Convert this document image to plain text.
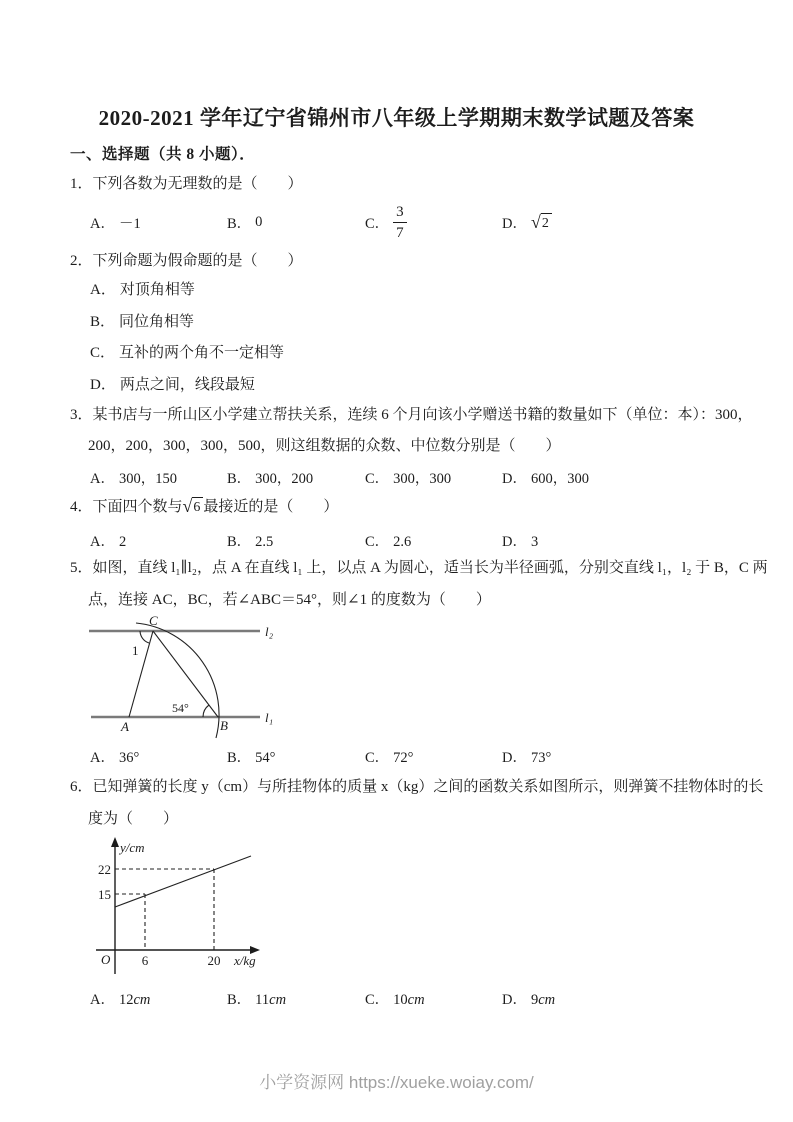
2020-2021 学年辽宁省锦州市八年级上学期期末数学试题及答案
一、选择题（共 8 小题）．
1．下列各数为无理数的是（　　）
A． －1	B． 0	C． $\frac{3}{7}$	D． √ 2
2．下列命题为假命题的是（　　）
A． 对顶角相等
B． 同位角相等
C． 互补的两个角不一定相等
D． 两点之间，线段最短
3．某书店与一所山区小学建立帮扶关系，连续 6 个月向该小学赠送书籍的数量如下（单位：本）：300，
200，200，300，300，500，则这组数据的众数、中位数分别是（　　）
A． 300，150	B． 300，200	C． 300，300	D． 600，300
4．下面四个数与 √ 6 最接近的是（　　）
A． 2	B． 2.5	C． 2.6	D． 3
5．如图，直线 l₁∥l₂，点 A 在直线 l₁ 上，以点 A 为圆心，适当长为半径画弧，分别交直线 l₁，l₂ 于 B，C 两
点，连接 AC，BC，若∠ABC＝54°，则∠1 的度数为（　　）
C
A	B
l₂
l₁
1
54°
A． 36°	B． 54°	C． 72°	D． 73°
6．已知弹簧的长度 y（cm）与所挂物体的质量 x（kg）之间的函数关系如图所示，则弹簧不挂物体时的长
度为（　　）
y/cm
x/kg
O
22
15
6	20
A． 12cm	B． 11cm	C． 10cm	D． 9cm
小学资源网 https://xueke.woiay.com/
